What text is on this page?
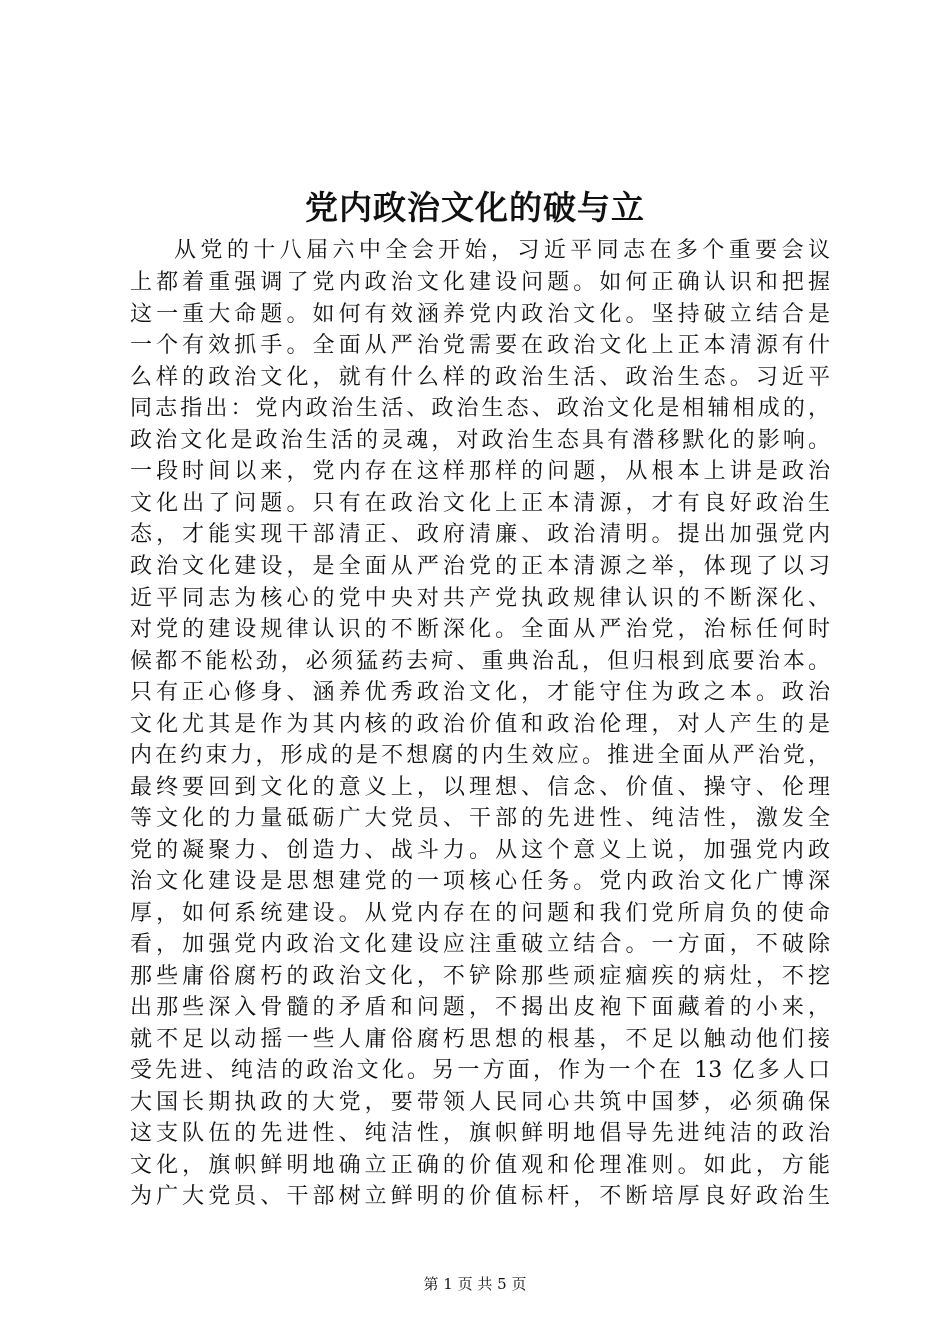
党内政治文化的破与立
从党的十八届六中全会开始，习近平同志在多个重要会议
上都着重强调了党内政治文化建设问题。如何正确认识和把握
这一重大命题。如何有效涵养党内政治文化。坚持破立结合是
一个有效抓手。全面从严治党需要在政治文化上正本清源有什
么样的政治文化，就有什么样的政治生活、政治生态。习近平
同志指出：党内政治生活、政治生态、政治文化是相辅相成的，
政治文化是政治生活的灵魂，对政治生态具有潜移默化的影响。
一段时间以来，党内存在这样那样的问题，从根本上讲是政治
文化出了问题。只有在政治文化上正本清源，才有良好政治生
态，才能实现干部清正、政府清廉、政治清明。提出加强党内
政治文化建设，是全面从严治党的正本清源之举，体现了以习
近平同志为核心的党中央对共产党执政规律认识的不断深化、
对党的建设规律认识的不断深化。全面从严治党，治标任何时
候都不能松劲，必须猛药去疴、重典治乱，但归根到底要治本。
只有正心修身、涵养优秀政治文化，才能守住为政之本。政治
文化尤其是作为其内核的政治价值和政治伦理，对人产生的是
内在约束力，形成的是不想腐的内生效应。推进全面从严治党，
最终要回到文化的意义上，以理想、信念、价值、操守、伦理
等文化的力量砥砺广大党员、干部的先进性、纯洁性，激发全
党的凝聚力、创造力、战斗力。从这个意义上说，加强党内政
治文化建设是思想建党的一项核心任务。党内政治文化广博深
厚，如何系统建设。从党内存在的问题和我们党所肩负的使命
看，加强党内政治文化建设应注重破立结合。一方面，不破除
那些庸俗腐朽的政治文化，不铲除那些顽症痼疾的病灶，不挖
出那些深入骨髓的矛盾和问题，不揭出皮袍下面藏着的小来，
就不足以动摇一些人庸俗腐朽思想的根基，不足以触动他们接
受先进、纯洁的政治文化。另一方面，作为一个在 13 亿多人口
大国长期执政的大党，要带领人民同心共筑中国梦，必须确保
这支队伍的先进性、纯洁性，旗帜鲜明地倡导先进纯洁的政治
文化，旗帜鲜明地确立正确的价值观和伦理准则。如此，方能
为广大党员、干部树立鲜明的价值标杆，不断培厚良好政治生
第 1 页 共 5 页
